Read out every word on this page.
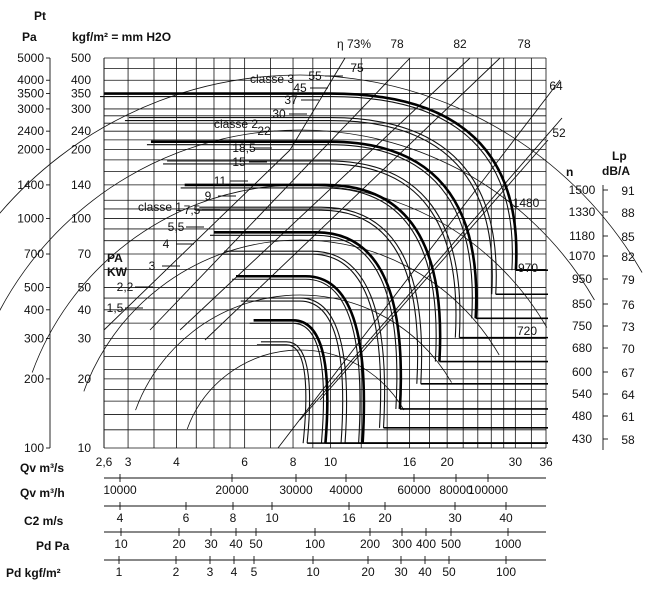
5000
4000
3500
3000
2400
2000
1400
1000
700
500
400
300
200
100
500
400
350
300
240
200
140
100
70
50
40
30
20
10
2,6 3	4	6	8 10	16 20	30 36
10000	20000	30000 40000	60000 80000
100000
4	6	8 10	16 20	30	40
10	20 30 40 50	100	200 300 400 500	1000
1	2 3 4 5	10	20 30 40 50	100
1500
1330
1180
1070
950
850
750
680
600
540
480
430
91
88
85
82
79
76
73
70
67
64
61
58
55
45
37
30
22
18,5
15
11
9
7,5
5,5
4
3
2,2
1,5
1480
970
720
classe 3
classe 2
classe 1
η 73% 78	82	78
75
64
52
Pt
Pa	kgf/m² = mm H2O
Lp
dB/A
n
PA
KW
Qv m³/s
Qv m³/h
C2 m/s
Pd Pa
Pd kgf/m²
